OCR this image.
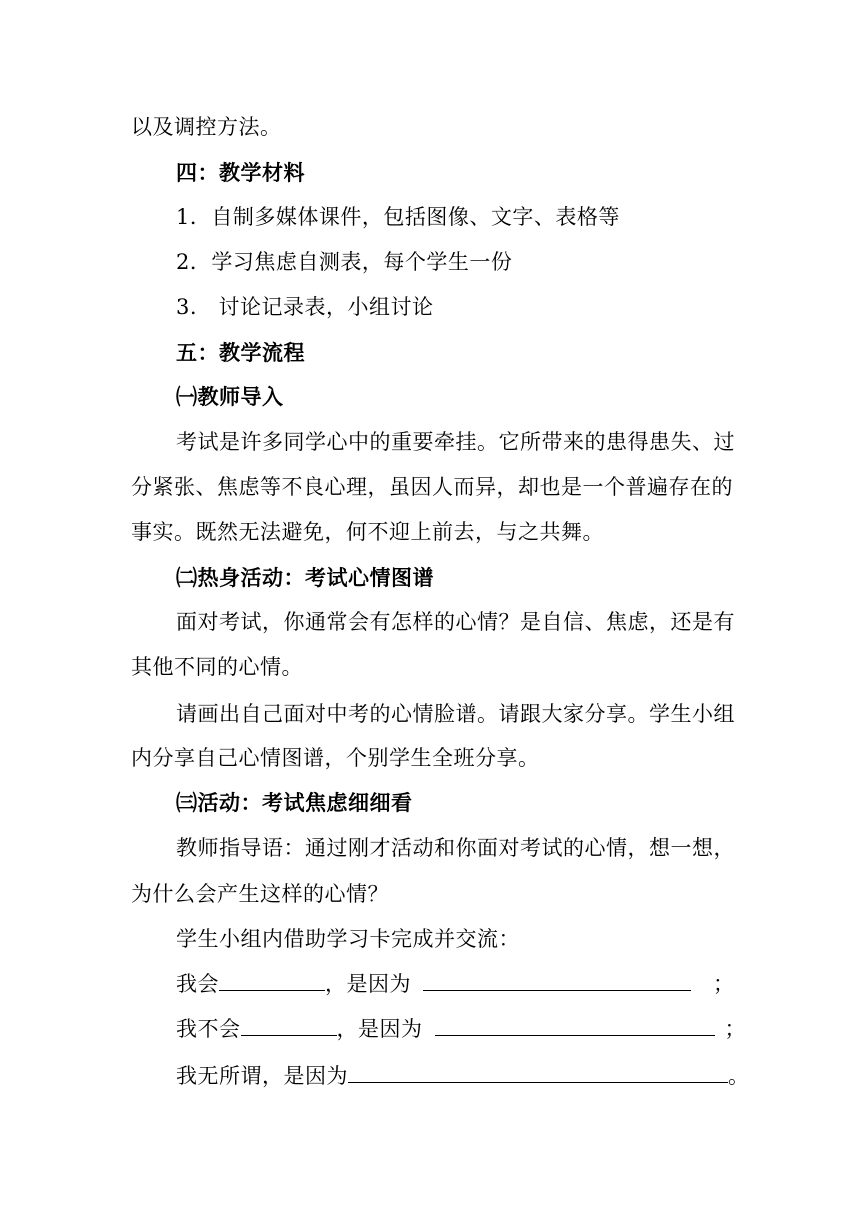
以及调控方法。
四：教学材料
1．自制多媒体课件，包括图像、文字、表格等
2．学习焦虑自测表，每个学生一份
3.   讨论记录表，小组讨论
五：教学流程
㈠教师导入
考试是许多同学心中的重要牵挂。它所带来的患得患失、过
分紧张、焦虑等不良心理，虽因人而异，却也是一个普遍存在的
事实。既然无法避免，何不迎上前去，与之共舞。
㈡热身活动：考试心情图谱
面对考试，你通常会有怎样的心情？是自信、焦虑，还是有
其他不同的心情。
请画出自己面对中考的心情脸谱。请跟大家分享。学生小组
内分享自己心情图谱，个别学生全班分享。
㈢活动：考试焦虑细细看
教师指导语：通过刚才活动和你面对考试的心情，想一想，
为什么会产生这样的心情？
学生小组内借助学习卡完成并交流：
我会	，是因为	；
我不会	，是因为	；
我无所谓，是因为	。
